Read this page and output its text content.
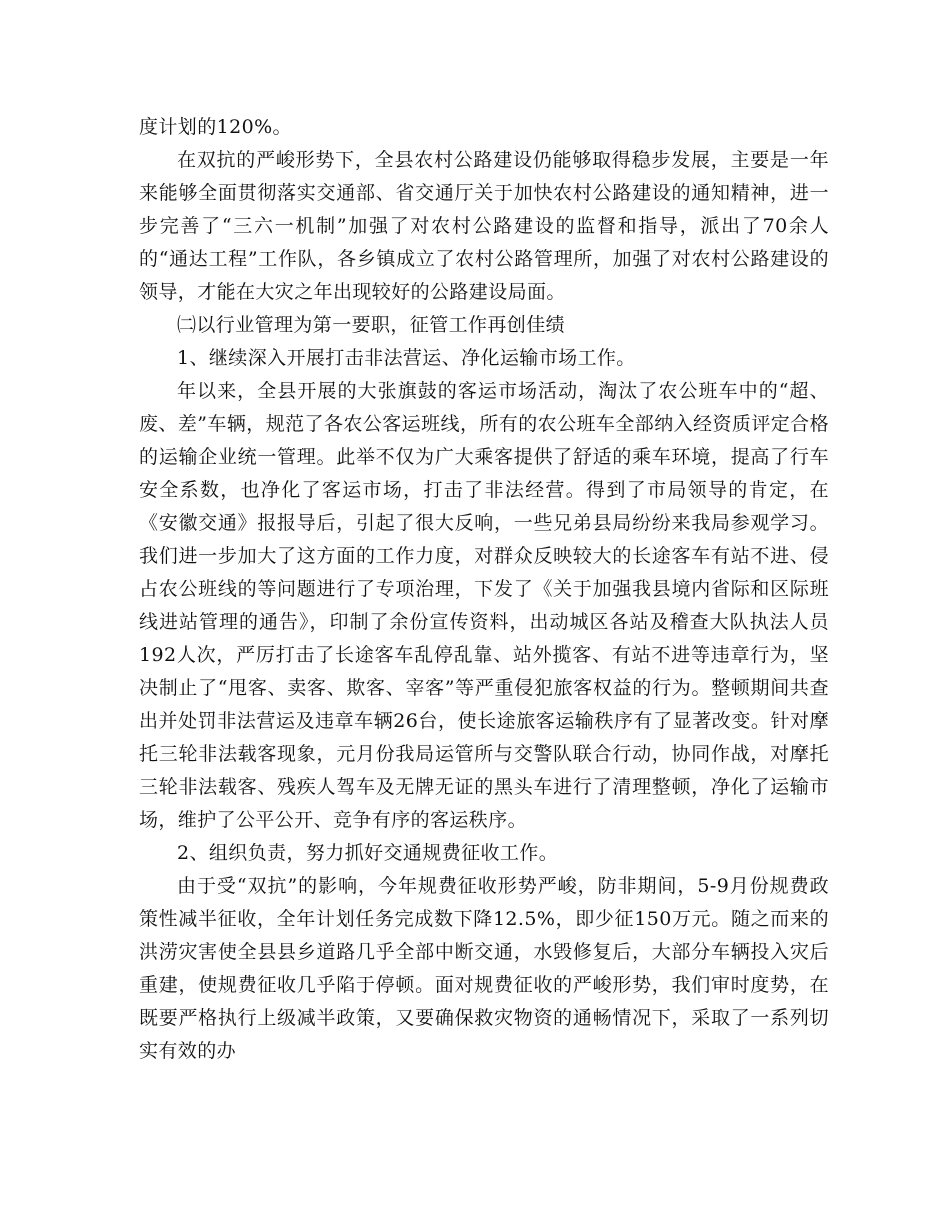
度计划的120%。

在双抗的严峻形势下，全县农村公路建设仍能够取得稳步发展，主要是一年来能够全面贯彻落实交通部、省交通厅关于加快农村公路建设的通知精神，进一步完善了“三六一机制”加强了对农村公路建设的监督和指导，派出了70余人的“通达工程”工作队，各乡镇成立了农村公路管理所，加强了对农村公路建设的领导，才能在大灾之年出现较好的公路建设局面。

㈡以行业管理为第一要职，征管工作再创佳绩

1、继续深入开展打击非法营运、净化运输市场工作。

年以来，全县开展的大张旗鼓的客运市场活动，淘汰了农公班车中的“超、废、差”车辆，规范了各农公客运班线，所有的农公班车全部纳入经资质评定合格的运输企业统一管理。此举不仅为广大乘客提供了舒适的乘车环境，提高了行车安全系数，也净化了客运市场，打击了非法经营。得到了市局领导的肯定，在《安徽交通》报报导后，引起了很大反响，一些兄弟县局纷纷来我局参观学习。我们进一步加大了这方面的工作力度，对群众反映较大的长途客车有站不进、侵占农公班线的等问题进行了专项治理，下发了《关于加强我县境内省际和区际班线进站管理的通告》，印制了余份宣传资料，出动城区各站及稽查大队执法人员192人次，严厉打击了长途客车乱停乱靠、站外揽客、有站不进等违章行为，坚决制止了“甩客、卖客、欺客、宰客”等严重侵犯旅客权益的行为。整顿期间共查出并处罚非法营运及违章车辆26台，使长途旅客运输秩序有了显著改变。针对摩托三轮非法载客现象，元月份我局运管所与交警队联合行动，协同作战，对摩托三轮非法载客、残疾人驾车及无牌无证的黑头车进行了清理整顿，净化了运输市场，维护了公平公开、竞争有序的客运秩序。

2、组织负责，努力抓好交通规费征收工作。

由于受“双抗”的影响，今年规费征收形势严峻，防非期间，5-9月份规费政策性减半征收，全年计划任务完成数下降12.5%，即少征150万元。随之而来的洪涝灾害使全县县乡道路几乎全部中断交通，水毁修复后，大部分车辆投入灾后重建，使规费征收几乎陷于停顿。面对规费征收的严峻形势，我们审时度势，在既要严格执行上级减半政策，又要确保救灾物资的通畅情况下，采取了一系列切实有效的办
